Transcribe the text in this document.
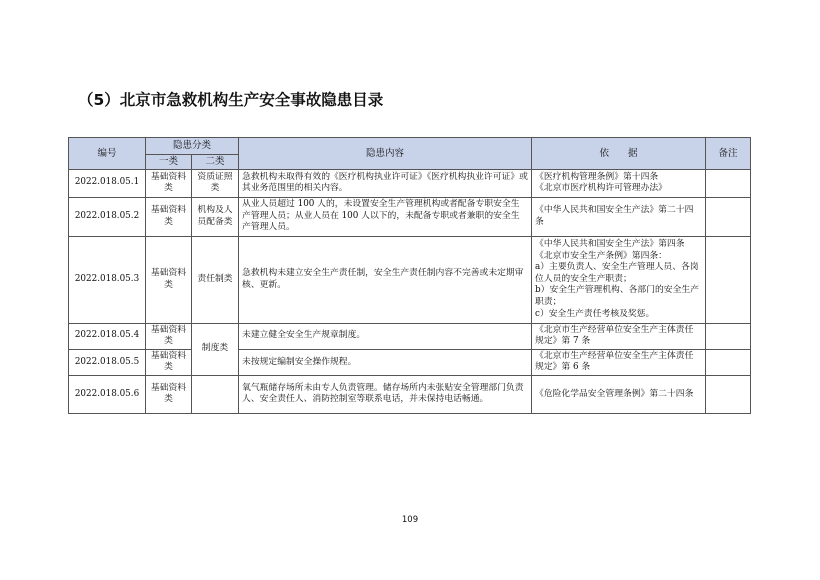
（5）北京市急救机构生产安全事故隐患目录
编号	隐患分类		隐患内容	依　　据	备注
	一类	二类			
2022.018.05.1	基础资料类	资质证照类	急救机构未取得有效的《医疗机构执业许可证》《医疗机构执业许可证》或其业务范围里的相关内容。	《医疗机构管理条例》第十四条
《北京市医疗机构许可管理办法》	

2022.018.05.2	基础资料类	机构及人员配备类	从业人员超过 100 人的，未设置安全生产管理机构或者配备专职安全生产管理人员；从业人员在 100 人以下的，未配备专职或者兼职的安全生产管理人员。	《中华人民共和国安全生产法》第二十四条	

2022.018.05.3	基础资料类	责任制类	急救机构未建立安全生产责任制，安全生产责任制内容不完善或未定期审核、更新。	《中华人民共和国安全生产法》第四条
《北京市安全生产条例》第四条：
a）主要负责人、安全生产管理人员、各岗位人员的安全生产职责；
b）安全生产管理机构、各部门的安全生产职责；
c）安全生产责任考核及奖惩。	

2022.018.05.4	基础资料类	制度类	未建立健全安全生产规章制度。	《北京市生产经营单位安全生产主体责任规定》第 7 条	

2022.018.05.5	基础资料类		未按规定编制安全操作规程。	《北京市生产经营单位安全生产主体责任规定》第 6 条	

2022.018.05.6	基础资料类		氧气瓶储存场所未由专人负责管理。储存场所内未张贴安全管理部门负责人、安全责任人、消防控制室等联系电话，并未保持电话畅通。	《危险化学品安全管理条例》第二十四条	

109
